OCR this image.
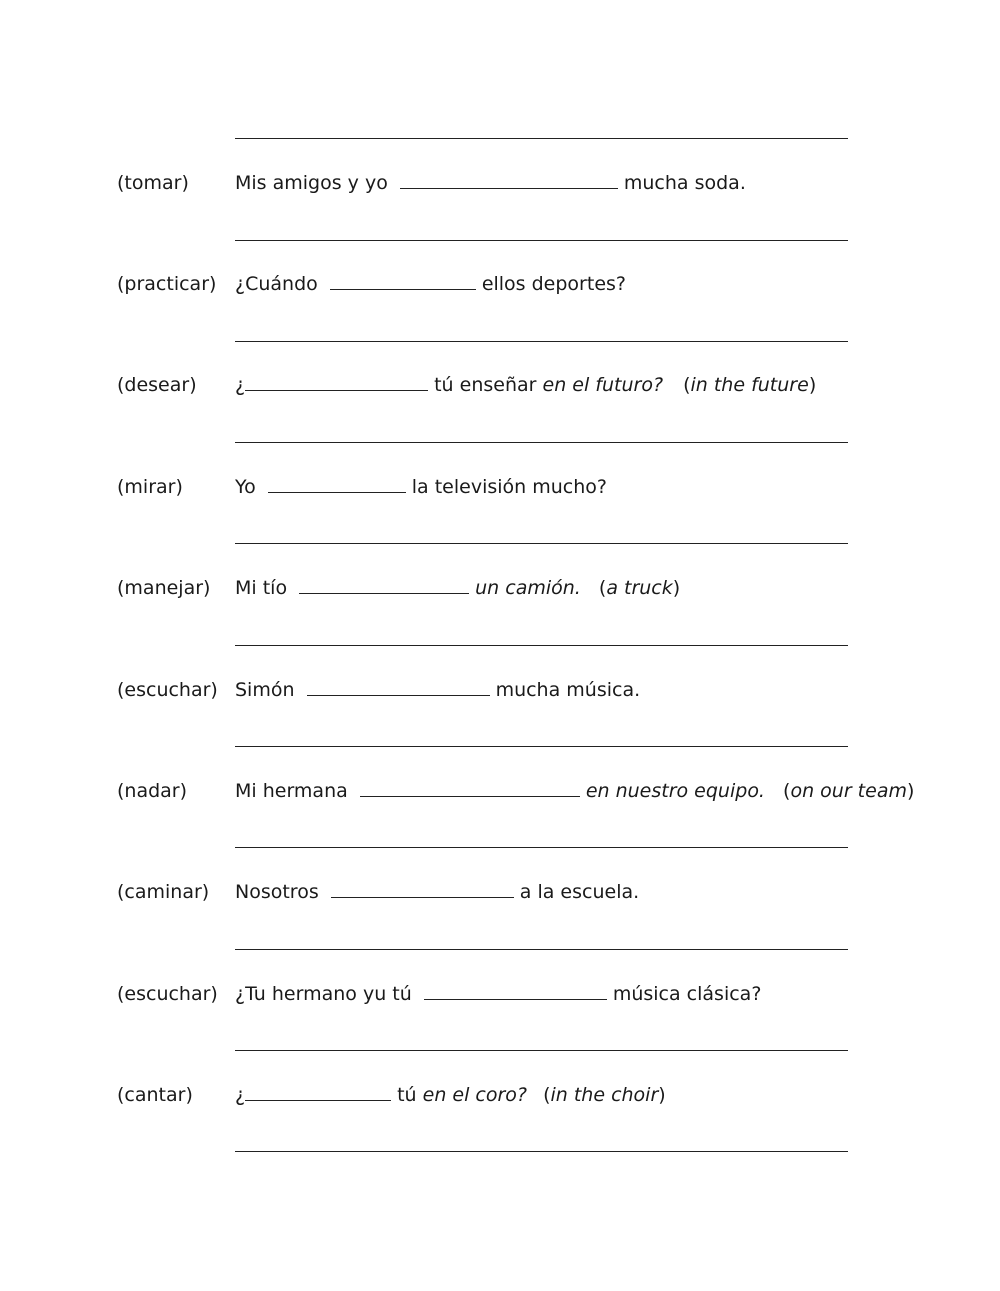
(tomar) Mis amigos y yo	mucha soda.
(practicar) ¿Cuándo	ellos deportes?
(desear) ¿	tú enseñar en el futuro? (in the future)
(mirar)	Yo	la televisión mucho?
(manejar) Mi tío	un camión. (a truck)
(escuchar) Simón	mucha música.
(nadar)	Mi hermana	en nuestro equipo. (on our team)
(caminar) Nosotros	a la escuela.
(escuchar) ¿Tu hermano yu tú	música clásica?
(cantar) ¿	tú en el coro? (in the choir)
